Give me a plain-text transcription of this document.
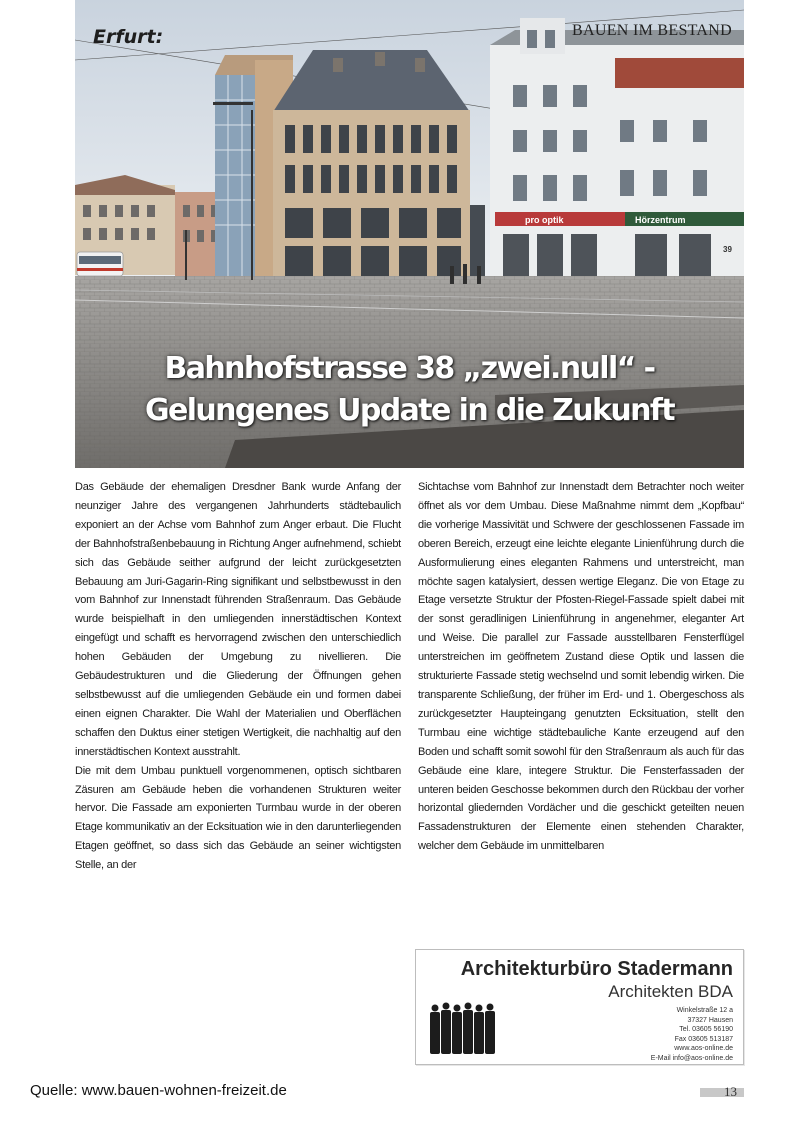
pro optik	Hörzentrum
39
Erfurt:	BAUEN IM BESTAND
Bahnhofstrasse 38 „zwei.null“ -
Gelungenes Update in die Zukunft

Das Gebäude der ehemaligen Dresdner Bank wurde Anfang der neunziger Jahre des vergangenen Jahrhunderts städtebaulich exponiert an der Achse vom Bahnhof zum Anger erbaut. Die Flucht der Bahnhofstraßenbebauung in Richtung Anger aufnehmend, schiebt sich das Gebäude seither aufgrund der leicht zurückgesetzten Bebauung am Juri-Gagarin-Ring signifikant und selbstbewusst in den vom Bahnhof zur Innenstadt führenden Straßenraum. Das Gebäude wurde beispielhaft in den umliegenden innerstädtischen Kontext eingefügt und schafft es hervorragend zwischen den unterschiedlich hohen Gebäuden der Umgebung zu nivellieren. Die Gebäudestrukturen und die Gliederung der Öffnungen gehen selbstbewusst auf die umliegenden Gebäude ein und formen dabei einen eignen Charakter. Die Wahl der Materialien und Oberflächen schaffen den Duktus einer stetigen Wertigkeit, die nachhaltig auf den innerstädtischen Kontext ausstrahlt.

Die mit dem Umbau punktuell vorgenommenen, optisch sichtbaren Zäsuren am Gebäude heben die vorhandenen Strukturen weiter hervor. Die Fassade am exponierten Turmbau wurde in der oberen Etage kommunikativ an der Ecksituation wie in den darunterliegenden Etagen geöffnet, so dass sich das Gebäude an seiner wichtigsten Stelle, an der

Sichtachse vom Bahnhof zur Innenstadt dem Betrachter noch weiter öffnet als vor dem Umbau. Diese Maßnahme nimmt dem „Kopfbau“ die vorherige Massivität und Schwere der geschlossenen Fassade im oberen Bereich, erzeugt eine leichte elegante Linienführung durch die Ausformulierung eines eleganten Rahmens und unterstreicht, man möchte sagen katalysiert, dessen wertige Eleganz. Die von Etage zu Etage versetzte Struktur der Pfosten-Riegel-Fassade spielt dabei mit der sonst geradlinigen Linienführung in angenehmer, eleganter Art und Weise. Die parallel zur Fassade ausstellbaren Fensterflügel unterstreichen im geöffnetem Zustand diese Optik und lassen die strukturierte Fassade stetig wechselnd und somit lebendig wirken. Die transparente Schließung, der früher im Erd- und 1. Obergeschoss als zurückgesetzter Haupteingang genutzten Ecksituation, stellt den Turmbau eine wichtige städtebauliche Kante erzeugend auf den Boden und schafft somit sowohl für den Straßenraum als auch für das Gebäude eine klare, integere Struktur. Die Fensterfassaden der unteren beiden Geschosse bekommen durch den Rückbau der vorher horizontal gliedernden Vordächer und die geschickt geteilten neuen Fassadenstrukturen der Elemente einen stehenden Charakter, welcher dem Gebäude im unmittelbaren

Architekturbüro Stadermann
Architekten BDA
Winkelstraße 12 a
37327 Hausen
Tel. 03605 56190
Fax 03605 513187
www.aos-online.de
E-Mail info@aos-online.de
Quelle: www.bauen-wohnen-freizeit.de	13
